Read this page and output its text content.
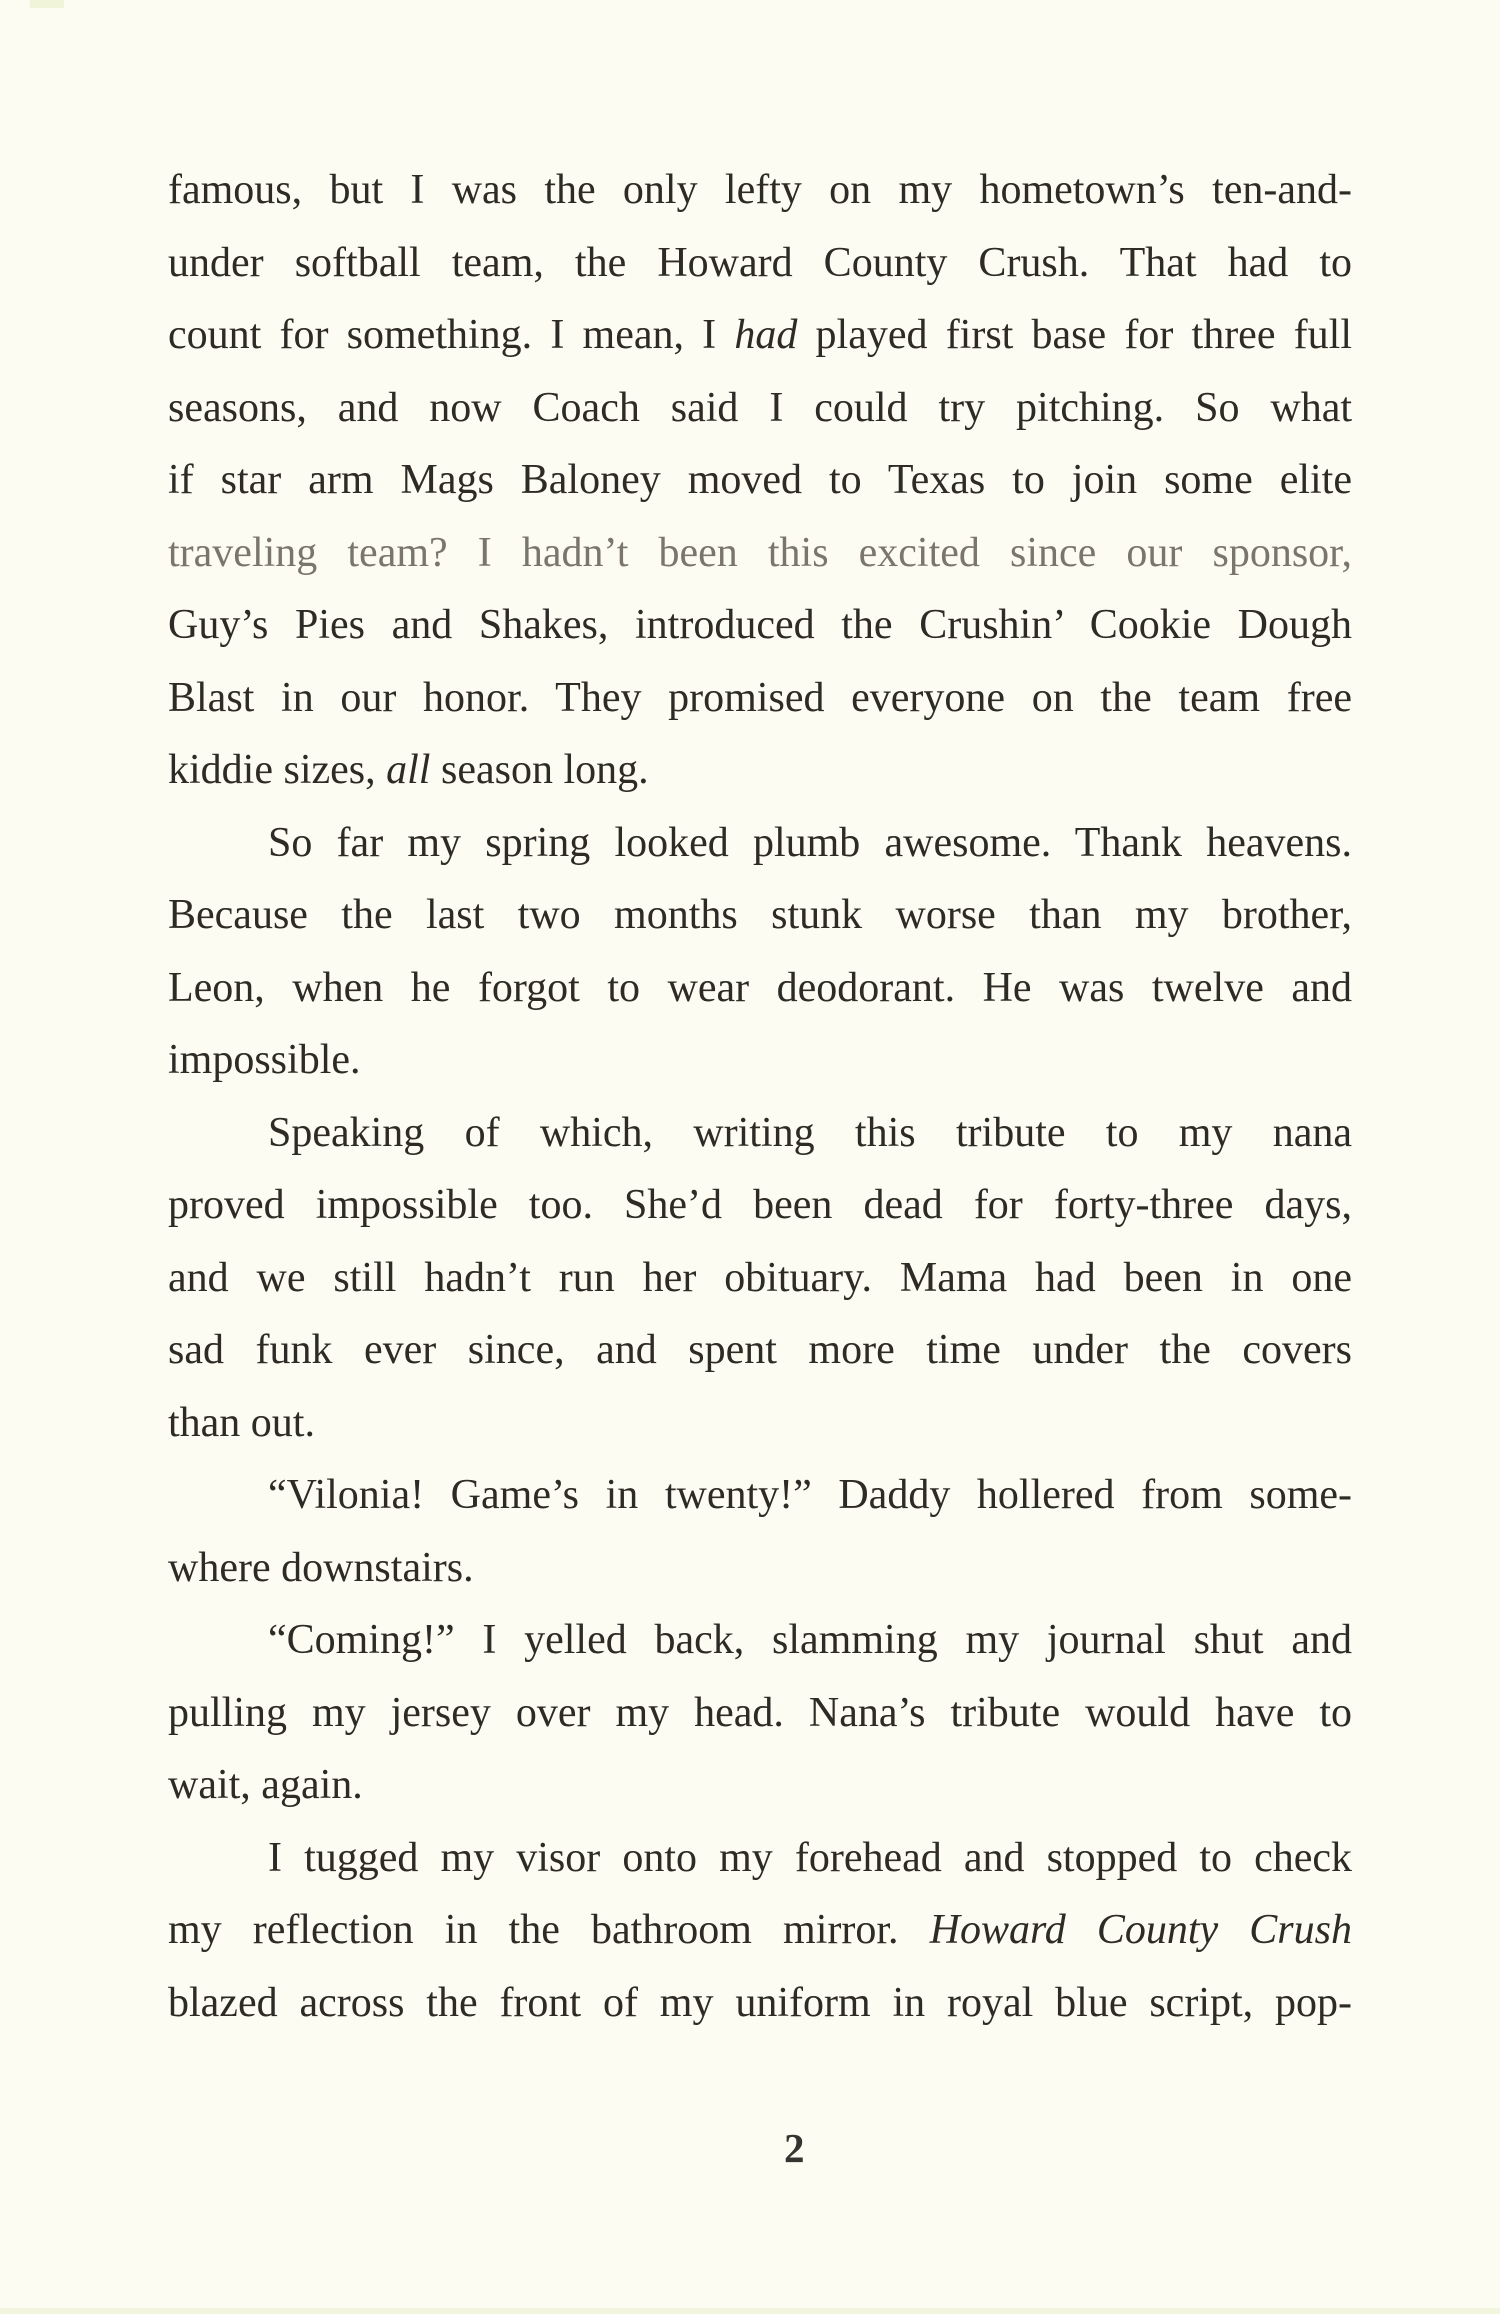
famous, but I was the only lefty on my hometown’s ten-and-
under softball team, the Howard County Crush. That had to
count for something. I mean, I had played first base for three full
seasons, and now Coach said I could try pitching. So what
if star arm Mags Baloney moved to Texas to join some elite
traveling team? I hadn’t been this excited since our sponsor,
Guy’s Pies and Shakes, introduced the Crushin’ Cookie Dough
Blast in our honor. They promised everyone on the team free
kiddie sizes, all season long.
So far my spring looked plumb awesome. Thank heavens.
Because the last two months stunk worse than my brother,
Leon, when he forgot to wear deodorant. He was twelve and
impossible.
Speaking of which, writing this tribute to my nana
proved impossible too. She’d been dead for forty-three days,
and we still hadn’t run her obituary. Mama had been in one
sad funk ever since, and spent more time under the covers
than out.
“Vilonia! Game’s in twenty!” Daddy hollered from some-
where downstairs.
“Coming!” I yelled back, slamming my journal shut and
pulling my jersey over my head. Nana’s tribute would have to
wait, again.
I tugged my visor onto my forehead and stopped to check
my reflection in the bathroom mirror. Howard County Crush
blazed across the front of my uniform in royal blue script, pop-
2
